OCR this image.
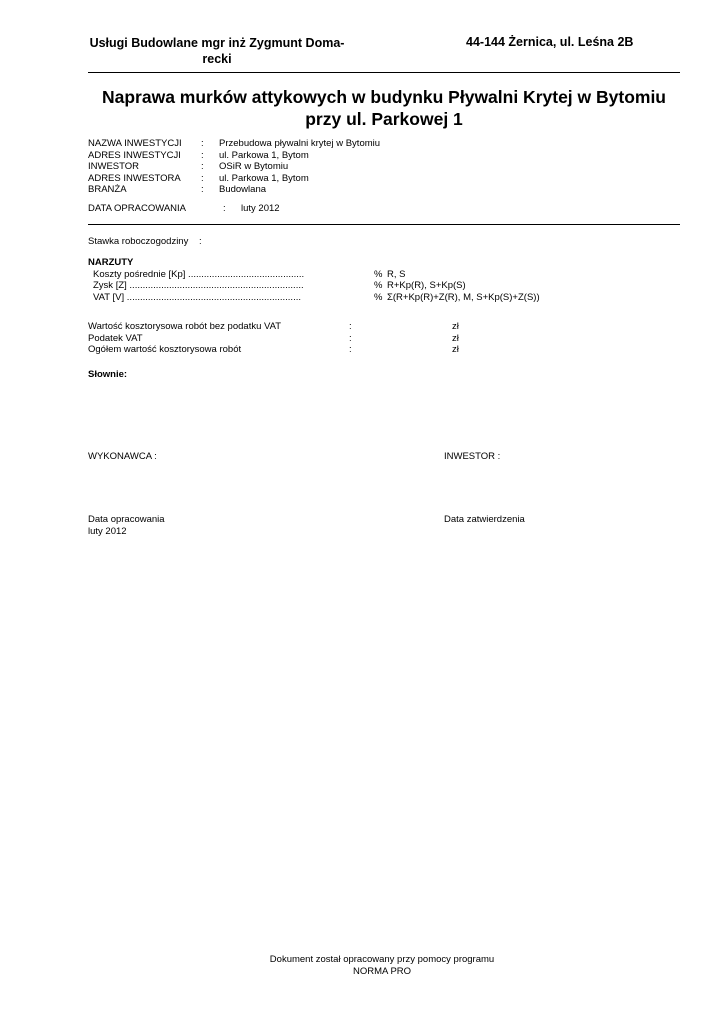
Usługi Budowlane mgr inż Zygmunt Doma-
recki
44-144 Żernica, ul. Leśna 2B
Naprawa murków attykowych w budynku Pływalni Krytej w Bytomiu
przy ul. Parkowej 1
NAZWA INWESTYCJI : Przebudowa pływalni krytej w Bytomiu
ADRES INWESTYCJI : ul. Parkowa 1, Bytom
INWESTOR	: OSiR w Bytomiu
ADRES INWESTORA : ul. Parkowa 1, Bytom
BRANŻA	: Budowlana
DATA OPRACOWANIA	: luty 2012
Stawka roboczogodziny :
NARZUTY
Koszty pośrednie [Kp] ............................................	% R, S
Zysk [Z] ..................................................................	% R+Kp(R), S+Kp(S)
VAT [V] ..................................................................	% Σ(R+Kp(R)+Z(R), M, S+Kp(S)+Z(S))
Wartość kosztorysowa robót bez podatku VAT	:	zł
Podatek VAT	:	zł
Ogółem wartość kosztorysowa robót	:	zł
Słownie:
WYKONAWCA :	INWESTOR :
Data opracowania
luty 2012
Data zatwierdzenia
Dokument został opracowany przy pomocy programu
NORMA PRO
